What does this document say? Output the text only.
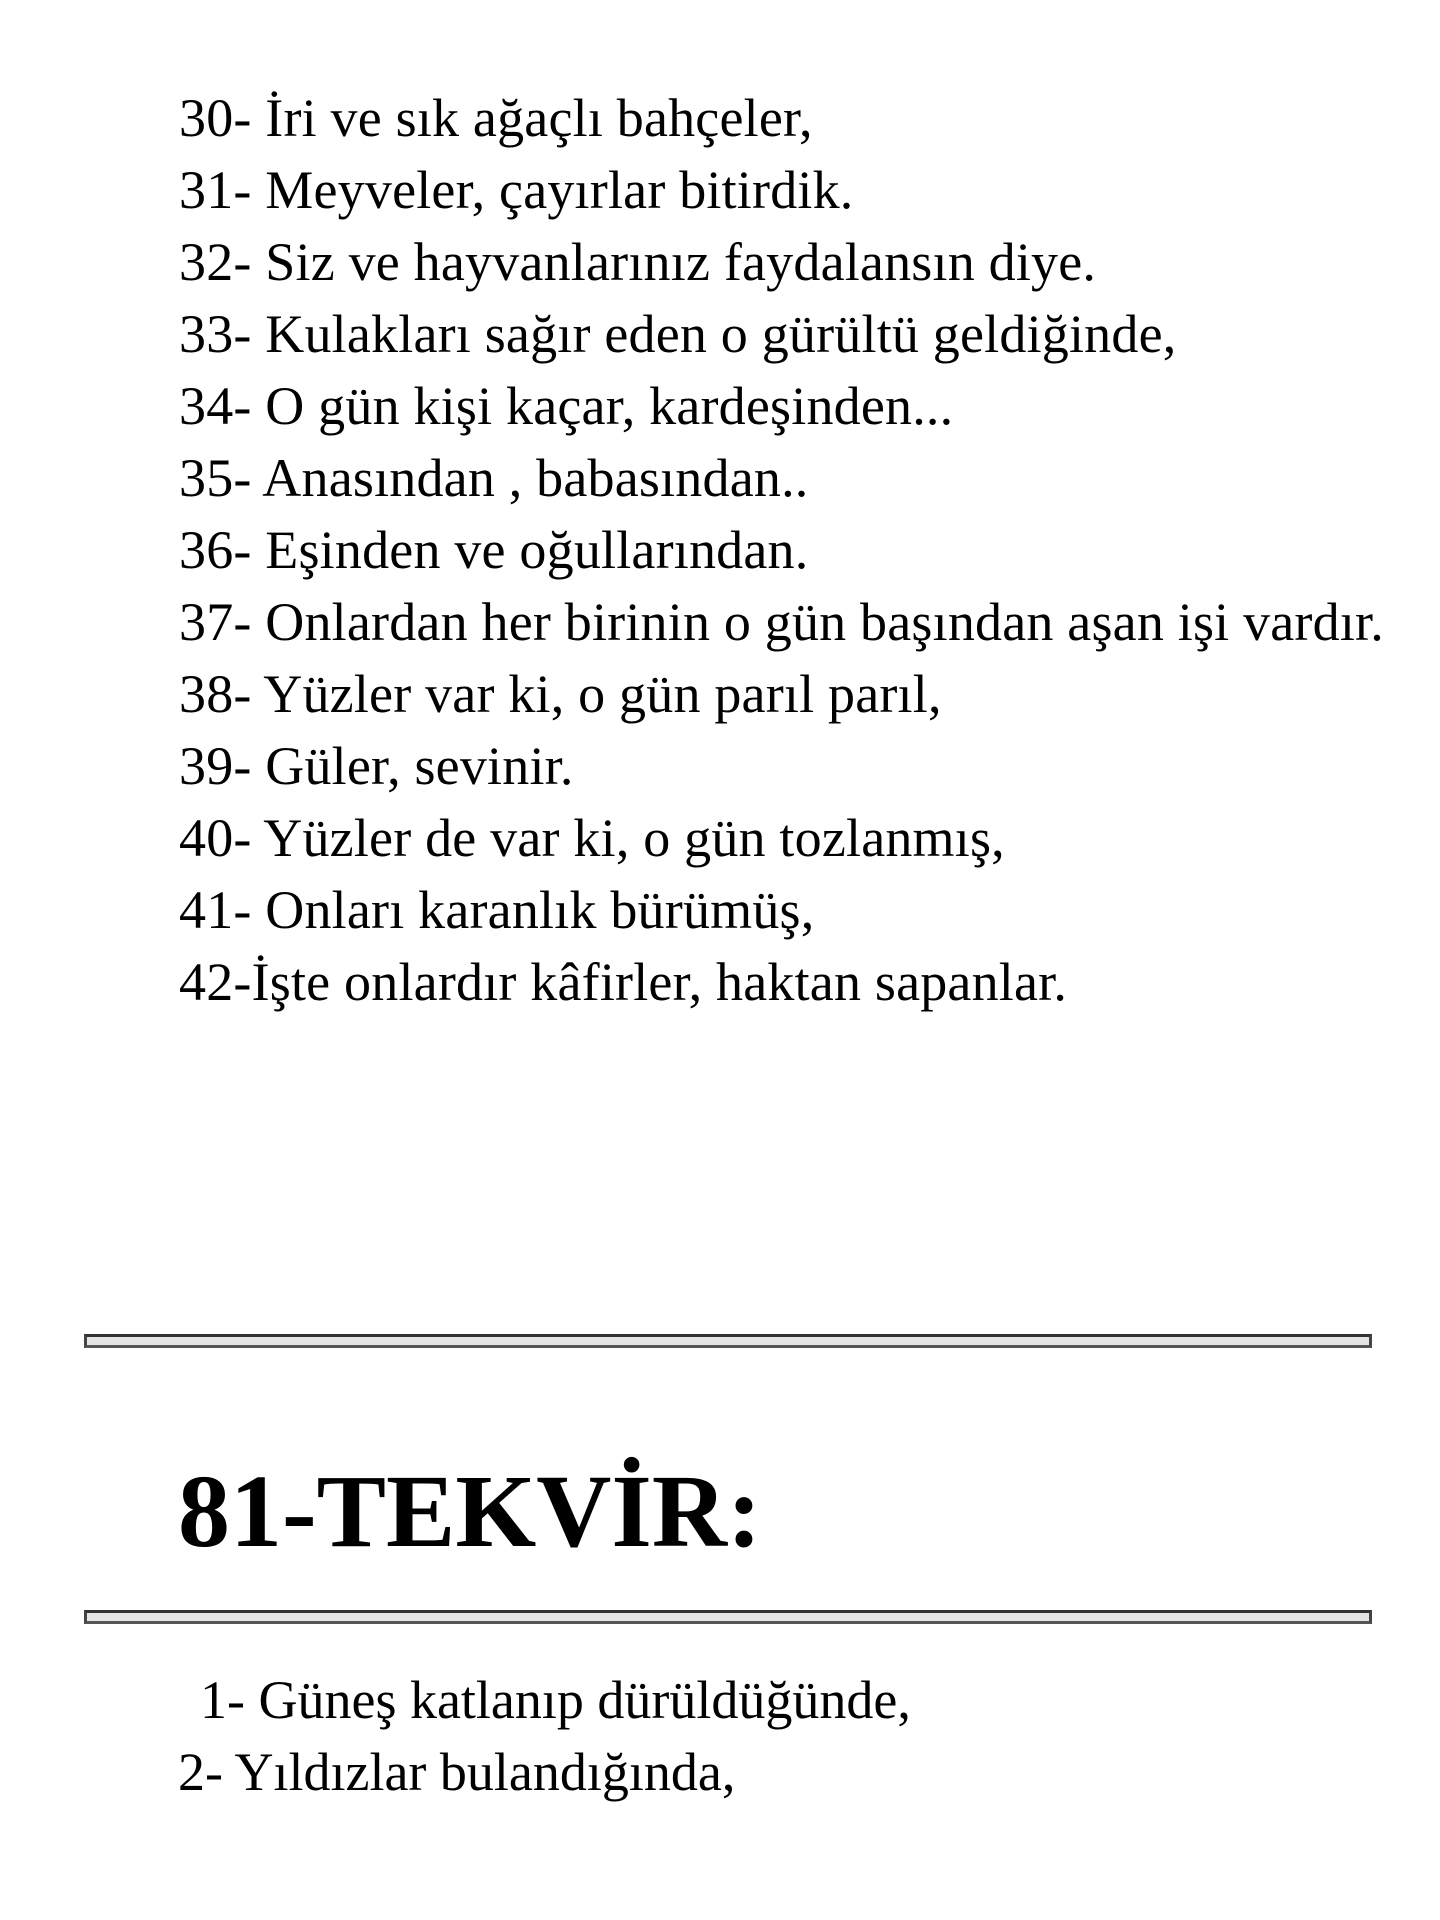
30- İri ve sık ağaçlı bahçeler,

31- Meyveler, çayırlar bitirdik.

32- Siz ve hayvanlarınız faydalansın diye.

33- Kulakları sağır eden o gürültü geldiğinde,

34- O gün kişi kaçar, kardeşinden...

35- Anasından , babasından..

36- Eşinden ve oğullarından.

37- Onlardan her birinin o gün başından aşan işi vardır.

38- Yüzler var ki, o gün parıl parıl,

39- Güler, sevinir.

40- Yüzler de var ki, o gün tozlanmış,

41- Onları karanlık bürümüş,

42-İşte onlardır kâfirler, haktan sapanlar.

81-TEKVİR:

1- Güneş katlanıp dürüldüğünde,

2- Yıldızlar bulandığında,
